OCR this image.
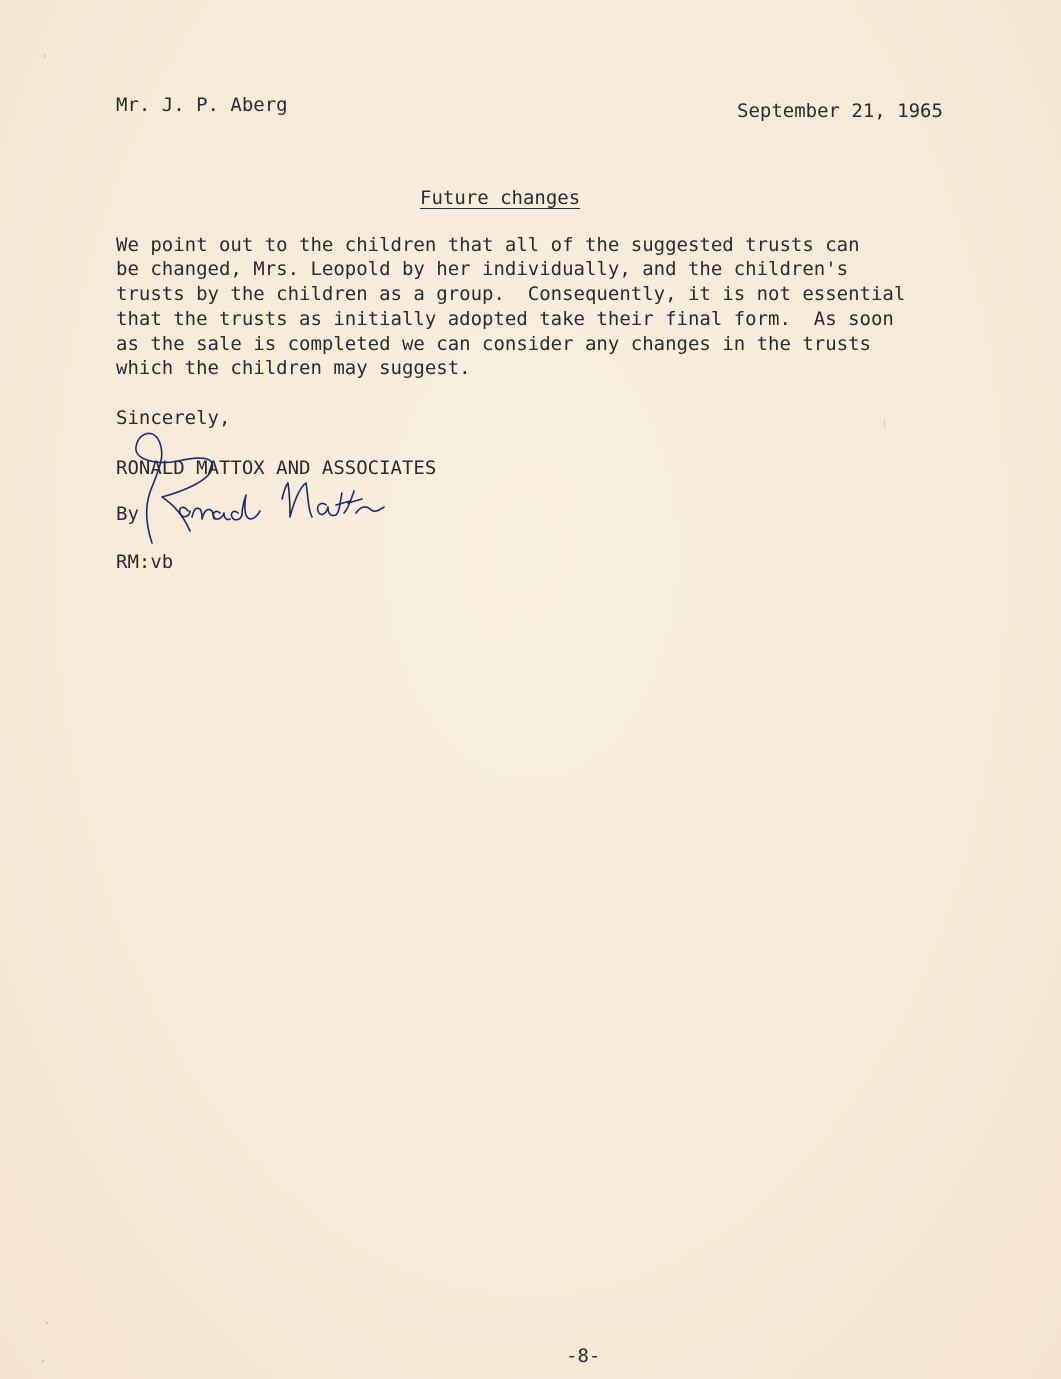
Mr. J. P. Aberg	September 21, 1965
Future changes
We point out to the children that all of the suggested trusts can
be changed, Mrs. Leopold by her individually, and the children's
trusts by the children as a group.  Consequently, it is not essential
that the trusts as initially adopted take their final form.  As soon
as the sale is completed we can consider any changes in the trusts
which the children may suggest.
Sincerely,
RONALD MATTOX AND ASSOCIATES
By
RM:vb
-8-
